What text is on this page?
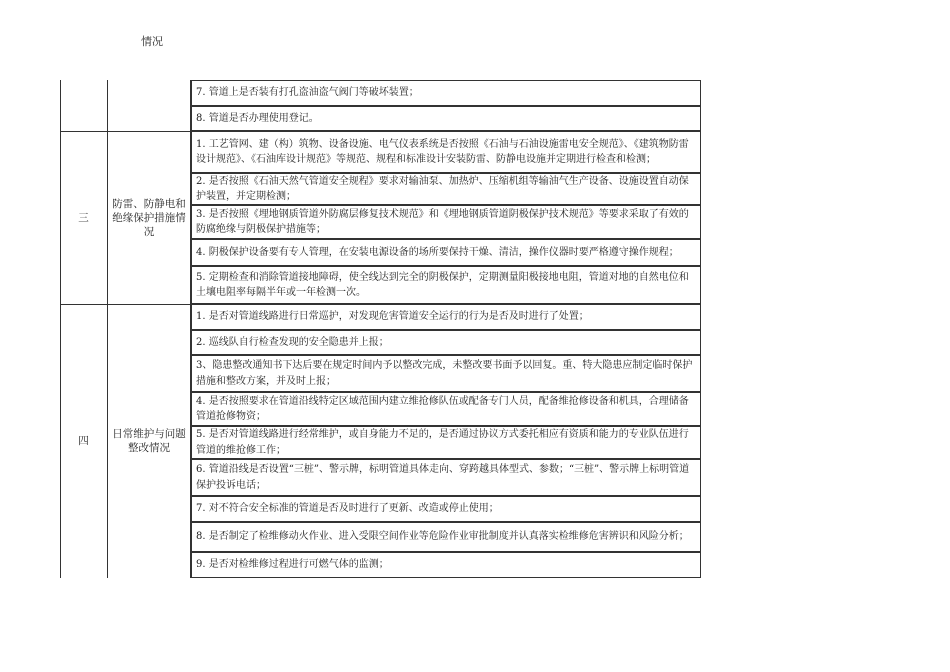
情况
三
防雷、防静电和绝缘保护措施情况
四
日常维护与问题整改情况
7. 管道上是否装有打孔盗油盗气阀门等破坏装置；
8. 管道是否办理使用登记。
1. 工艺管网、建（构）筑物、设备设施、电气仪表系统是否按照《石油与石油设施雷电安全规范》、《建筑物防雷设计规范》、《石油库设计规范》等规范、规程和标准设计安装防雷、防静电设施并定期进行检查和检测；
2. 是否按照《石油天然气管道安全规程》要求对输油泵、加热炉、压缩机组等输油气生产设备、设施设置自动保护装置，并定期检测；
3. 是否按照《埋地钢质管道外防腐层修复技术规范》和《埋地钢质管道阴极保护技术规范》等要求采取了有效的防腐绝缘与阴极保护措施等；
4. 阴极保护设备要有专人管理，在安装电源设备的场所要保持干燥、清洁，操作仪器时要严格遵守操作规程；
5. 定期检查和消除管道接地障碍，使全线达到完全的阴极保护，定期测量阳极接地电阻，管道对地的自然电位和土壤电阻率每隔半年或一年检测一次。
1. 是否对管道线路进行日常巡护，对发现危害管道安全运行的行为是否及时进行了处置；
2. 巡线队自行检查发现的安全隐患并上报；
3、隐患整改通知书下达后要在规定时间内予以整改完成，未整改要书面予以回复。重、特大隐患应制定临时保护措施和整改方案，并及时上报；
4. 是否按照要求在管道沿线特定区域范围内建立维抢修队伍或配备专门人员，配备维抢修设备和机具，合理储备管道抢修物资；
5. 是否对管道线路进行经常维护，或自身能力不足的，是否通过协议方式委托相应有资质和能力的专业队伍进行管道的维抢修工作；
6. 管道沿线是否设置“三桩”、警示牌，标明管道具体走向、穿跨越具体型式、参数；“三桩”、警示牌上标明管道保护投诉电话；
7. 对不符合安全标准的管道是否及时进行了更新、改造或停止使用；
8. 是否制定了检维修动火作业、进入受限空间作业等危险作业审批制度并认真落实检维修危害辨识和风险分析；
9. 是否对检维修过程进行可燃气体的监测；
